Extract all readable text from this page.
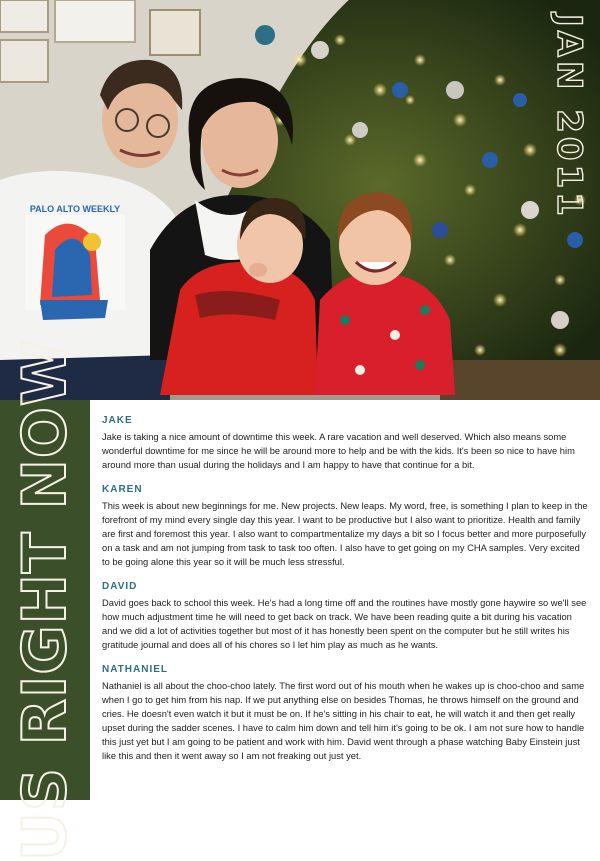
PALO ALTO WEEKLY	JAN 2011
US RIGHT NOW JAKE

Jake is taking a nice amount of downtime this week. A rare vacation and well deserved. Which also means some wonderful downtime for me since he will be around more to help and be with the kids. It's been so nice to have him around more than usual during the holidays and I am happy to have that continue for a bit.

KAREN

This week is about new beginnings for me. New projects. New leaps. My word, free, is something I plan to keep in the forefront of my mind every single day this year. I want to be productive but I also want to prioritize. Health and family are first and foremost this year. I also want to compartmentalize my days a bit so I focus better and more purposefully on a task and am not jumping from task to task too often. I also have to get going on my CHA samples. Very excited to be going alone this year so it will be much less stressful.

DAVID

David goes back to school this week. He's had a long time off and the routines have mostly gone haywire so we'll see how much adjustment time he will need to get back on track. We have been reading quite a bit during his vacation and we did a lot of activities together but most of it has honestly been spent on the computer but he still writes his gratitude journal and does all of his chores so I let him play as much as he wants.

NATHANIEL

Nathaniel is all about the choo-choo lately. The first word out of his mouth when he wakes up is choo-choo and same when I go to get him from his nap. If we put anything else on besides Thomas, he throws himself on the ground and cries. He doesn't even watch it but it must be on. If he's sitting in his chair to eat, he will watch it and then get really upset during the sadder scenes. I have to calm him down and tell him it's going to be ok. I am not sure how to handle this just yet but I am going to be patient and work with him. David went through a phase watching Baby Einstein just like this and then it went away so I am not freaking out just yet.
